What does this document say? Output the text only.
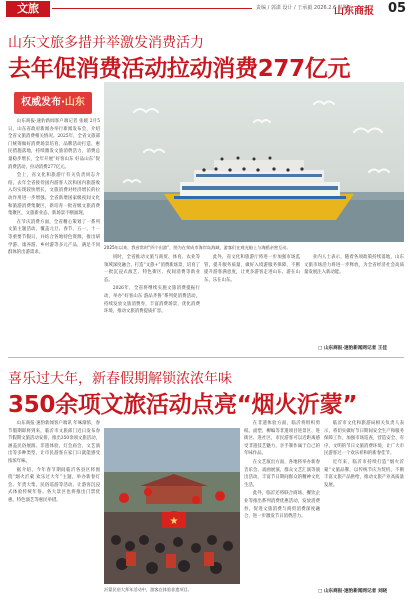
文旅	责编 / 郭潇 设计 / 王承毅 2026.2.6 星期五
山东商报 05
山东文旅多措并举激发消费活力
去年促消费活动拉动消费277亿元
权威发布·山东

山东商报·速豹新闻客户端记者 张媛 2月5日，山东省政府新闻办举行新闻发布会，介绍全省文旅消费相关情况。2025年，全省文旅部门统筹做好消费场景培育、品牌活动打造、惠民措施落地，持续激发文旅消费活力，消费总量稳步增长，全年开展“好客山东 好品山东”促消费活动，拉动消费277亿元。

会上，省文化和旅游厅有关负责同志介绍，去年全省接待国内游客人次和国内旅游收入均实现较快增长，文旅消费对经济增长的拉动作用进一步增强。全省新增国家级夜间文化和旅游消费集聚区，新培育一批省级文旅消费集聚区，文旅新业态、新场景不断涌现。

在节庆消费方面，全省精心策划了一系列文旅主题活动，覆盖元旦、春节、五一、十一等重要节假日，并结合各地特色资源，推出研学游、康养游、乡村游等多元产品，满足不同群体的出游需求。

2025年以来，我省常时“四个出游”，图为在荣成市海岸岛海域，游客们在观光船上与海鸥亲密互动。

同时，全省推动文旅与商贸、体育、农业等领域深度融合，打造“文旅+”消费新场景，培育了一批沉浸式演艺、特色街区、夜间消费等新业态。

2026年，全省将继续实施文旅消费提振行动，举办“好客山东 游品齐鲁”系列促消费活动，持续发放文旅消费券，丰富消费场景，优化消费环境，推动文旅消费提质扩容。

此外，省文化和旅游厅将进一步加强市场监管，提升服务质量，做好入境游服务保障，不断提升游客满意度，让更多游客走进山东、游在山东、乐在山东。

业内人士表示，随着各项政策持续落地，山东文旅市场活力将进一步释放，为全省经济社会高质量发展注入新动能。

□ 山东商报·速豹新闻网记者 王佳
喜乐过大年，新春假期解锁浓浓年味
350余项文旅活动点亮“烟火沂蒙”

山东商报·速豹新闻客户端讯 年味渐浓，春节假期即将到来，临沂市文旅部门近日发布春节假期文旅活动安排，推出350余项文旅活动，涵盖民俗展演、非遗体验、灯会庙会、文艺演出等多种类型，让市民游客在家门口就能感受浓浓年味。

据介绍，今年春节期间临沂各县区将围绕“烟火沂蒙 欢乐过大年”主题，举办新春灯会、年货大集、民俗巡游等活动，让游客沉浸式体验传统年俗。各大景区也将推出门票优惠、特色演艺等惠民举措。

★
沂蒙民俗大拜年活动中，游客在体验非遗项目。

在非遗体验方面，临沂将组织剪纸、面塑、柳编等非遗项目进景区、进街区、进社区，市民游客可以近距离感受非遗技艺魅力，亲手制作属于自己的年味作品。

在文艺演出方面，各地将举办新春音乐会、戏曲展演、群众文艺汇演等演出活动，丰富节日期间群众的精神文化生活。

此外，临沂还将联合商场、餐饮企业等推出系列消费优惠活动，发放消费券，促进文旅消费与商贸消费深度融合，进一步激发节日消费活力。

临沂市文化和旅游局相关负责人表示，将切实做好节日期间安全生产和服务保障工作，加强市场巡查，营造安全、有序、文明的节日文旅消费环境，让广大市民游客过一个欢乐祥和的新春佳节。

近年来，临沂市持续打造“烟火沂蒙”文旅品牌，以传统节庆为契机，不断丰富文旅产品供给，推动文旅产业高质量发展。

□ 山东商报·速豹新闻网记者 刘晓
